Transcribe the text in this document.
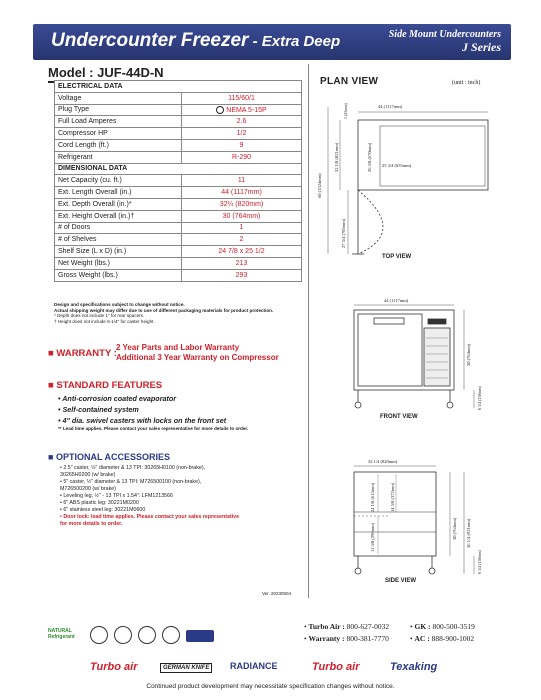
Undercounter Freezer - Extra Deep	Side Mount Undercounters
J Series
Model : JUF-44D-N
ELECTRICAL DATA	
Voltage	115/60/1
Plug Type	NEMA 5-15P
Full Load Amperes	2.6
Compressor HP	1/2
Cord Length (ft.)	9
Refrigerant	R-290
DIMENSIONAL DATA	
Net Capacity (cu. ft.)	11
Ext. Length Overall (in.)	44 (1117mm)
Ext. Depth Overall (in.)*	32¼ (820mm)
Ext. Height Overall (in.)†	30 (764mm)
# of Doors	1
# of Shelves	2
Shelf Size (L x D) (in.)	24 7/8 x 25 1/2
Net Weight (lbs.)	213
Gross Weight (lbs.)	293
Design and specifications subject to change without notice.
Actual shipping weight may differ due to use of different packaging materials for product protection.
* Depth does not include 1" for rear spacers.
† Height does not include 6-1/4" for caster height.
■ WARRANTY :
2 Year Parts and Labor Warranty
Additional 3 Year Warranty on Compressor
■ STANDARD FEATURES
• Anti-corrosion coated evaporator
• Self-contained system
• 4" dia. swivel casters with locks on the front set
** Lead time applies. Please contact your sales representative for more details to order.
■ OPTIONAL ACCESSORIES
• 2.5" caster, ½" diameter & 13 TPI: 30265H0100 (non-brake),
30265H0200 (w/ brake)
• 5" caster, ½" diameter & 13 TPI: M726500100 (non-brake),
M726500200 (w/ brake)
• Leveling leg, ½" - 13 TPI x 1.54": LFM1213566
• 6" ABS plastic leg: 30221M0200
• 6" stainless steel leg: 30221M0600
• Door lock: lead time applies. Please contact your sales representative
for more details to order.
Ver. 20230504
PLAN VIEW	(unit : inch)
44 (1117mm)
60 (1524mm)
32 1/8 (821mm)
27 3/4 (705mm)
26 3/8 (670mm) 25 3/4 (655mm)
1 (25mm)
TOP VIEW
44 (1117mm)
30 (764mm)
6 1/4 (158mm)
FRONT VIEW
32 1/4 (820mm)
24 1/8 (613mm)	14 5/8 (372mm)
11 5/8 (296mm)	30 (764mm) 36 1/4 (921mm)
6 1/4 (158mm)
SIDE VIEW
• Turbo Air : 800-627-0032	• GK : 800-500-3519
• Warranty : 800-381-7770	• AC : 888-900-1002
NATURAL Refrigerant
Turbo air	GERMAN KNIFE	RADIANCE	Turbo air	Texaking
Continued product development may necessitate specification changes without notice.
